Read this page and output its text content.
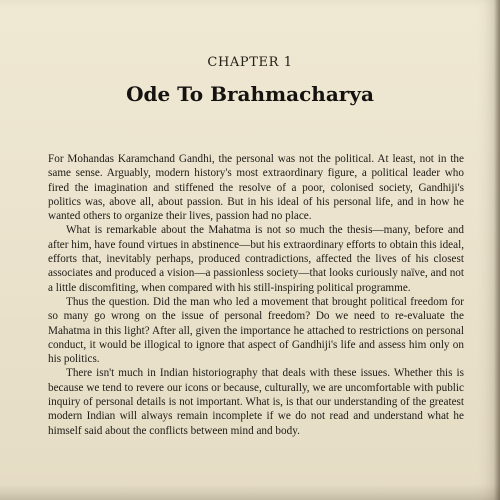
CHAPTER 1
Ode To Brahmacharya

For Mohandas Karamchand Gandhi, the personal was not the political. At least, not in the same sense. Arguably, modern history's most extraordinary figure, a political leader who fired the imagination and stiffened the resolve of a poor, colonised society, Gandhiji's politics was, above all, about passion. But in his ideal of his personal life, and in how he wanted others to organize their lives, passion had no place.

What is remarkable about the Mahatma is not so much the thesis—many, before and after him, have found virtues in abstinence—but his extraordinary efforts to obtain this ideal, efforts that, inevitably perhaps, produced contradictions, affected the lives of his closest associates and produced a vision—a passionless society—that looks curiously naïve, and not a little discomfiting, when compared with his still-inspiring political programme.

Thus the question. Did the man who led a movement that brought political freedom for so many go wrong on the issue of personal freedom? Do we need to re-evaluate the Mahatma in this light? After all, given the importance he attached to restrictions on personal conduct, it would be illogical to ignore that aspect of Gandhiji's life and assess him only on his politics.

There isn't much in Indian historiography that deals with these issues. Whether this is because we tend to revere our icons or because, culturally, we are uncomfortable with public inquiry of personal details is not important. What is, is that our understanding of the greatest modern Indian will always remain incomplete if we do not read and understand what he himself said about the conflicts between mind and body.
